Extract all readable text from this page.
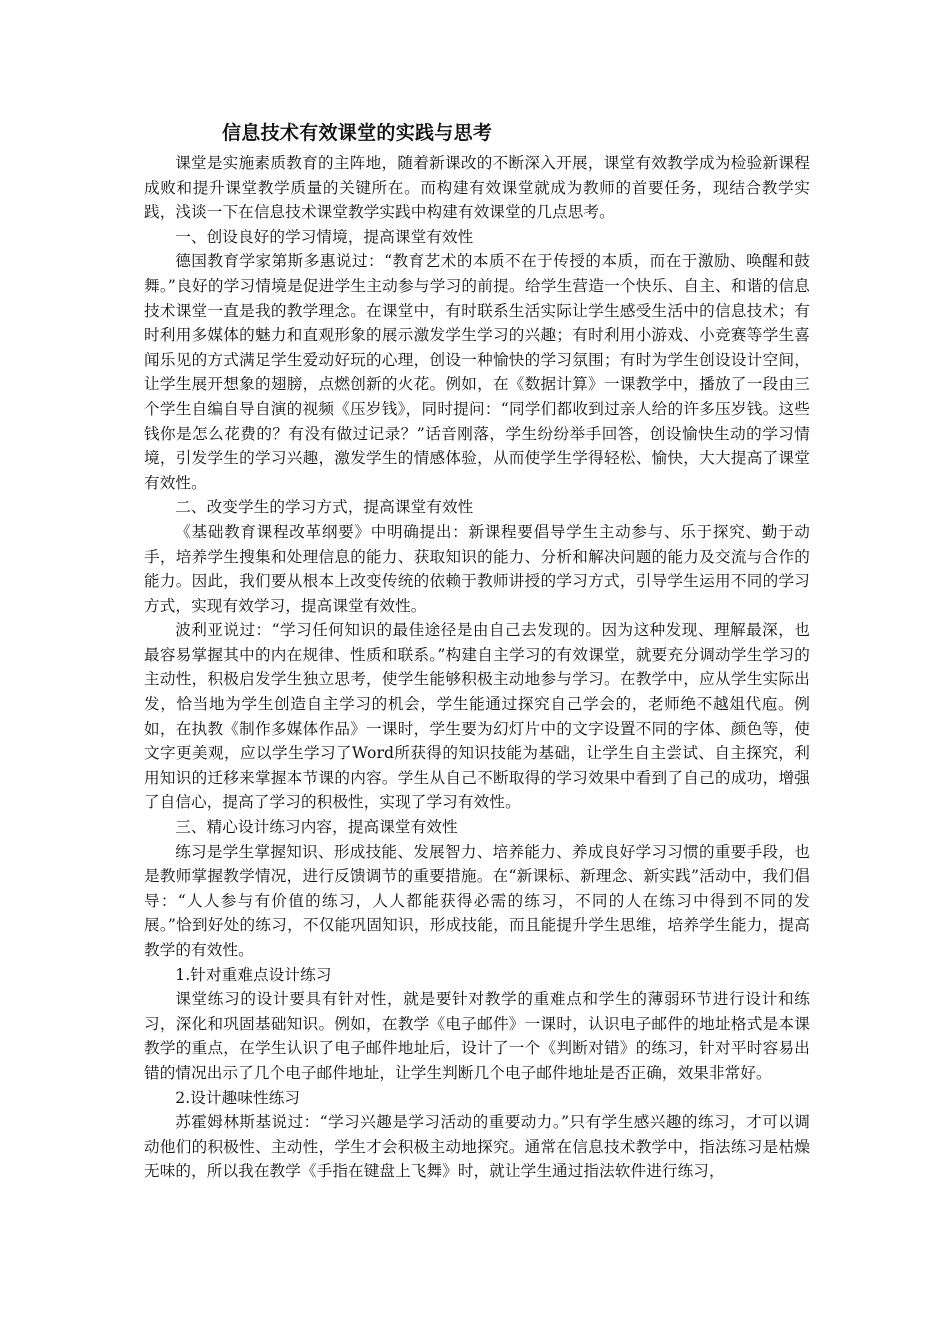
信息技术有效课堂的实践与思考

课堂是实施素质教育的主阵地，随着新课改的不断深入开展，课堂有效教学成为检验新课程成败和提升课堂教学质量的关键所在。而构建有效课堂就成为教师的首要任务，现结合教学实践，浅谈一下在信息技术课堂教学实践中构建有效课堂的几点思考。

一、创设良好的学习情境，提高课堂有效性

德国教育学家第斯多惠说过：“教育艺术的本质不在于传授的本质，而在于激励、唤醒和鼓舞。”良好的学习情境是促进学生主动参与学习的前提。给学生营造一个快乐、自主、和谐的信息技术课堂一直是我的教学理念。在课堂中，有时联系生活实际让学生感受生活中的信息技术；有时利用多媒体的魅力和直观形象的展示激发学生学习的兴趣；有时利用小游戏、小竞赛等学生喜闻乐见的方式满足学生爱动好玩的心理，创设一种愉快的学习氛围；有时为学生创设设计空间，让学生展开想象的翅膀，点燃创新的火花。例如，在《数据计算》一课教学中，播放了一段由三个学生自编自导自演的视频《压岁钱》，同时提问：“同学们都收到过亲人给的许多压岁钱。这些钱你是怎么花费的？有没有做过记录？”话音刚落，学生纷纷举手回答，创设愉快生动的学习情境，引发学生的学习兴趣，激发学生的情感体验，从而使学生学得轻松、愉快，大大提高了课堂有效性。

二、改变学生的学习方式，提高课堂有效性

《基础教育课程改革纲要》中明确提出：新课程要倡导学生主动参与、乐于探究、勤于动手，培养学生搜集和处理信息的能力、获取知识的能力、分析和解决问题的能力及交流与合作的能力。因此，我们要从根本上改变传统的依赖于教师讲授的学习方式，引导学生运用不同的学习方式，实现有效学习，提高课堂有效性。

波利亚说过：“学习任何知识的最佳途径是由自己去发现的。因为这种发现、理解最深，也最容易掌握其中的内在规律、性质和联系。”构建自主学习的有效课堂，就要充分调动学生学习的主动性，积极启发学生独立思考，使学生能够积极主动地参与学习。在教学中，应从学生实际出发，恰当地为学生创造自主学习的机会，学生能通过探究自己学会的，老师绝不越俎代庖。例如，在执教《制作多媒体作品》一课时，学生要为幻灯片中的文字设置不同的字体、颜色等，使文字更美观，应以学生学习了Word所获得的知识技能为基础，让学生自主尝试、自主探究，利用知识的迁移来掌握本节课的内容。学生从自己不断取得的学习效果中看到了自己的成功，增强了自信心，提高了学习的积极性，实现了学习有效性。

三、精心设计练习内容，提高课堂有效性

练习是学生掌握知识、形成技能、发展智力、培养能力、养成良好学习习惯的重要手段，也是教师掌握教学情况，进行反馈调节的重要措施。在“新课标、新理念、新实践”活动中，我们倡导：“人人参与有价值的练习，人人都能获得必需的练习，不同的人在练习中得到不同的发展。”恰到好处的练习，不仅能巩固知识，形成技能，而且能提升学生思维，培养学生能力，提高教学的有效性。

1.针对重难点设计练习

课堂练习的设计要具有针对性，就是要针对教学的重难点和学生的薄弱环节进行设计和练习，深化和巩固基础知识。例如，在教学《电子邮件》一课时，认识电子邮件的地址格式是本课教学的重点，在学生认识了电子邮件地址后，设计了一个《判断对错》的练习，针对平时容易出错的情况出示了几个电子邮件地址，让学生判断几个电子邮件地址是否正确，效果非常好。

2.设计趣味性练习

苏霍姆林斯基说过：“学习兴趣是学习活动的重要动力。”只有学生感兴趣的练习，才可以调动他们的积极性、主动性，学生才会积极主动地探究。通常在信息技术教学中，指法练习是枯燥无味的，所以我在教学《手指在键盘上飞舞》时，就让学生通过指法软件进行练习，
